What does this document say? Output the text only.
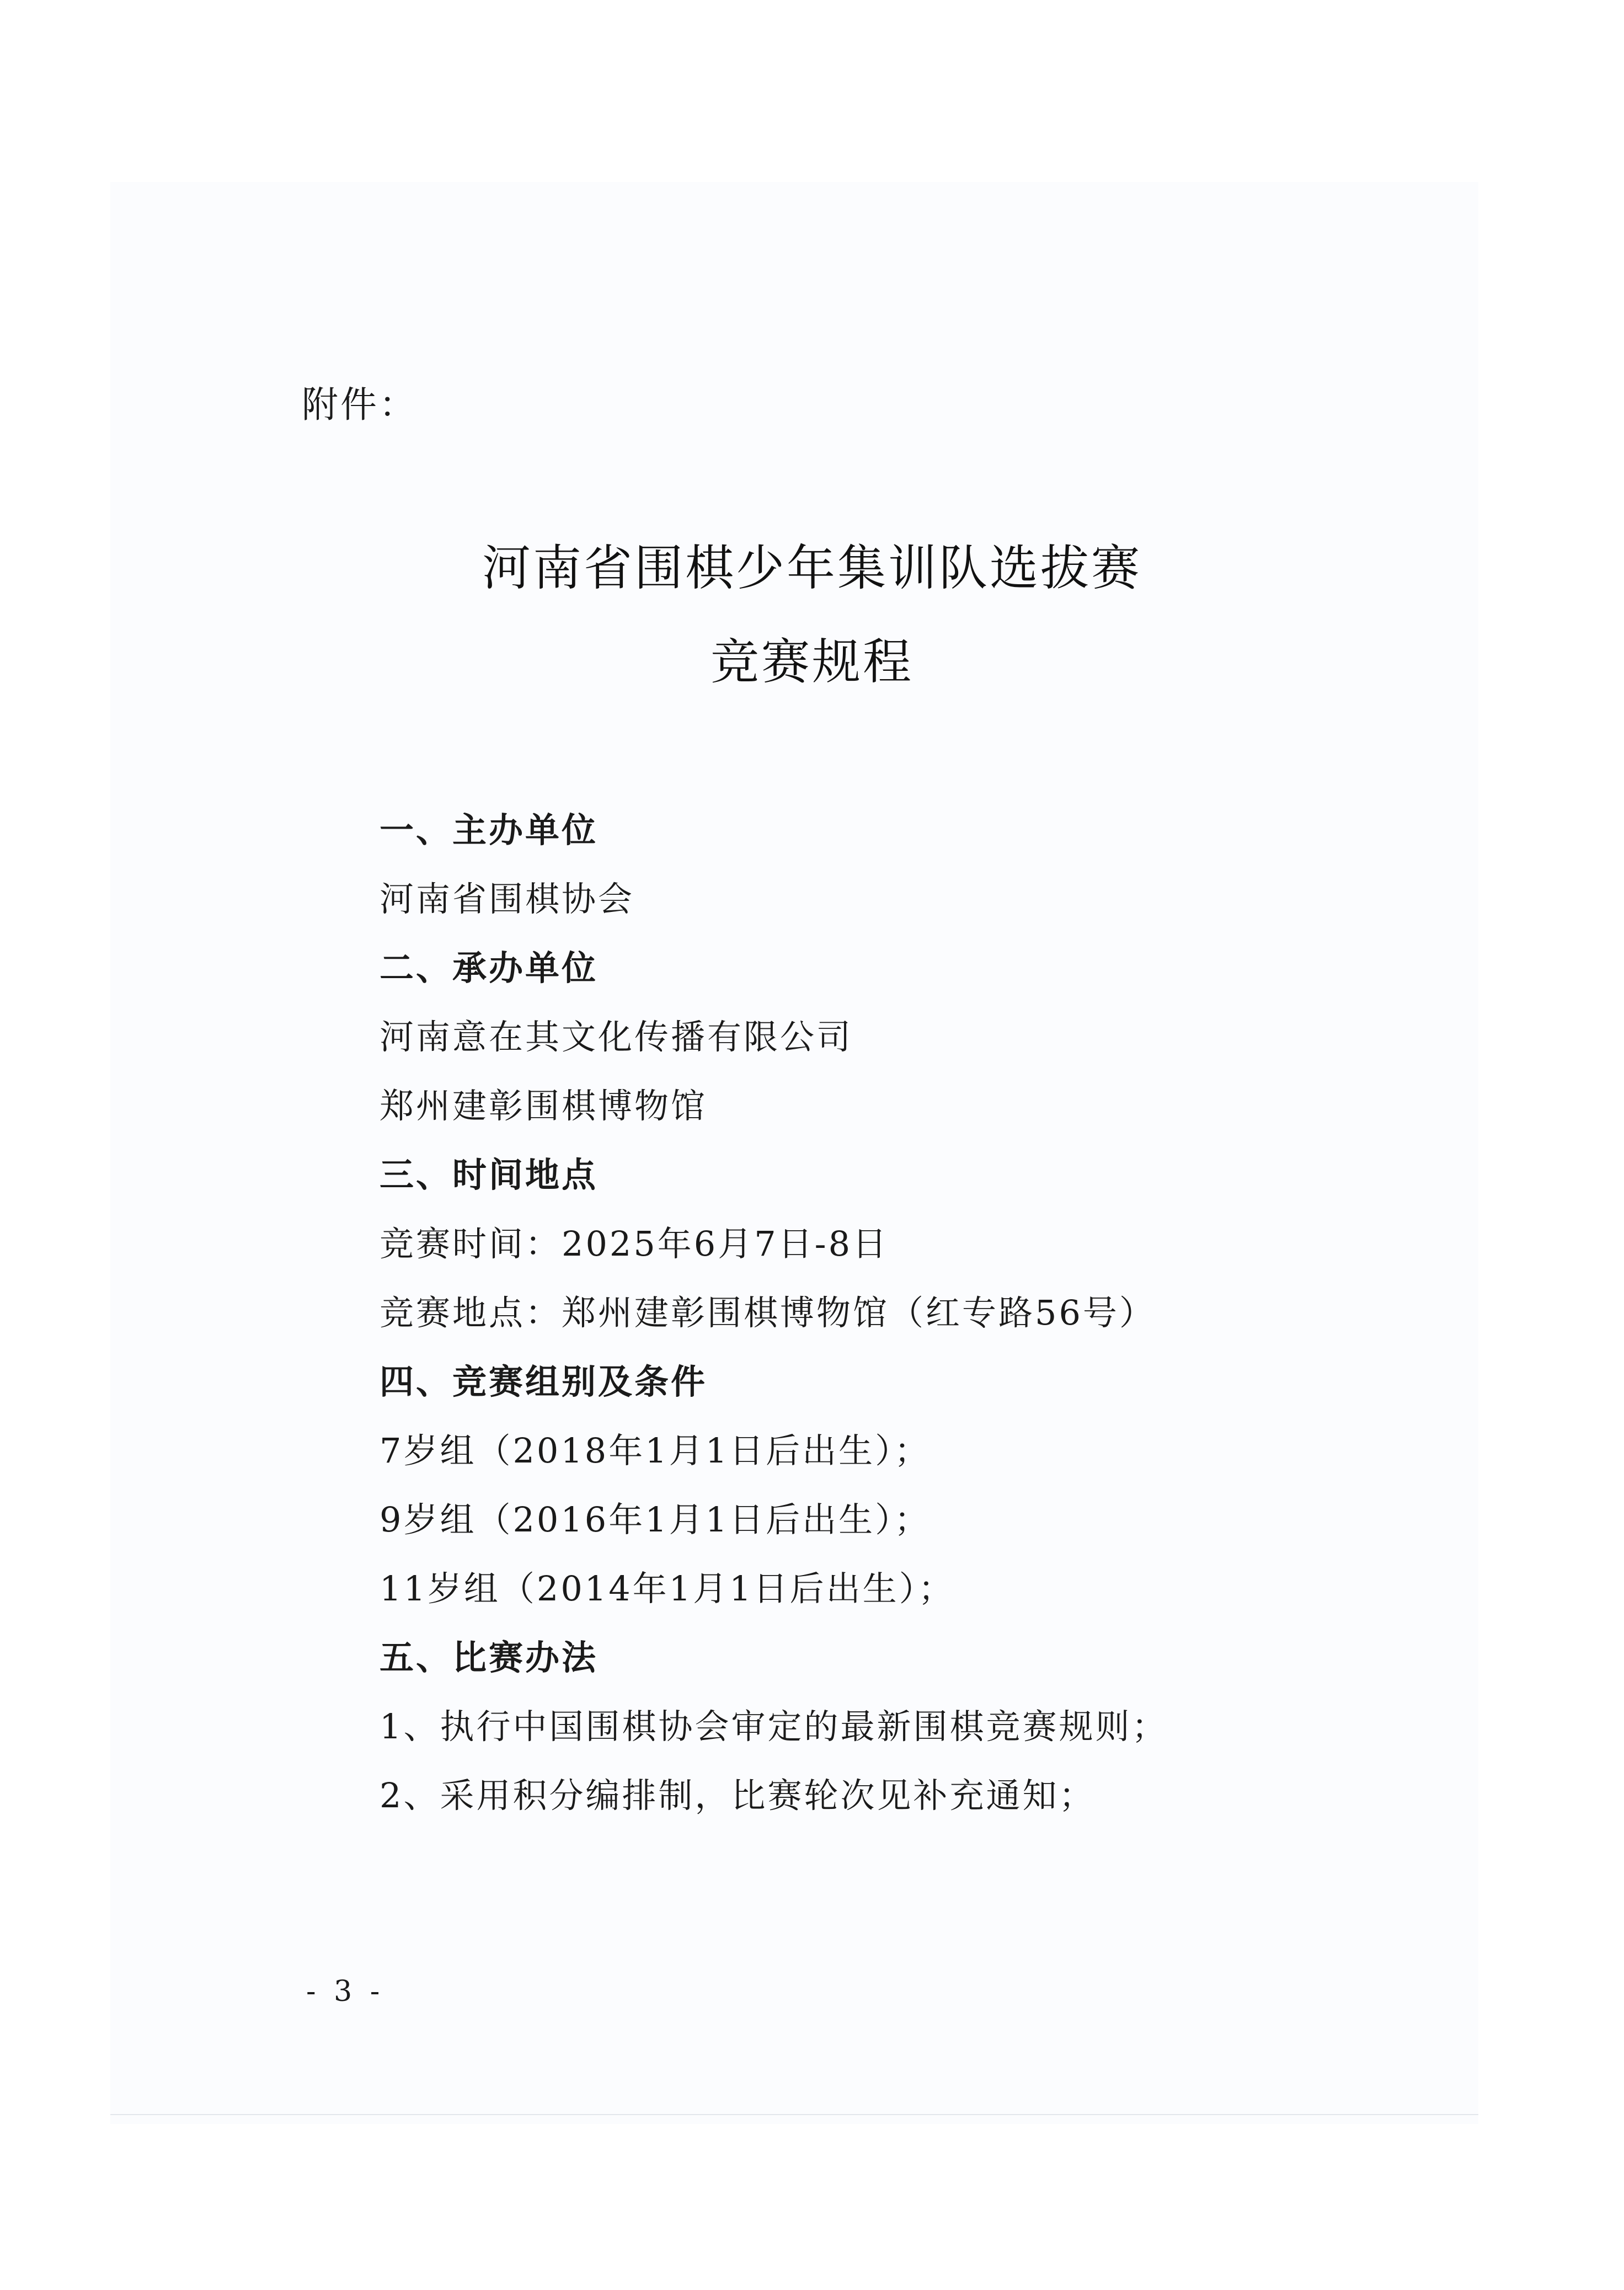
附件：
河南省围棋少年集训队选拔赛
竞赛规程
一、主办单位
河南省围棋协会
二、承办单位
河南意在其文化传播有限公司
郑州建彰围棋博物馆
三、时间地点
竞赛时间：2025年6月7日-8日
竞赛地点：郑州建彰围棋博物馆（红专路56号）
四、竞赛组别及条件
7岁组（2018年1月1日后出生）；
9岁组（2016年1月1日后出生）；
11岁组（2014年1月1日后出生）；
五、比赛办法
1、执行中国围棋协会审定的最新围棋竞赛规则；
2、采用积分编排制，比赛轮次见补充通知；
- 3 -
